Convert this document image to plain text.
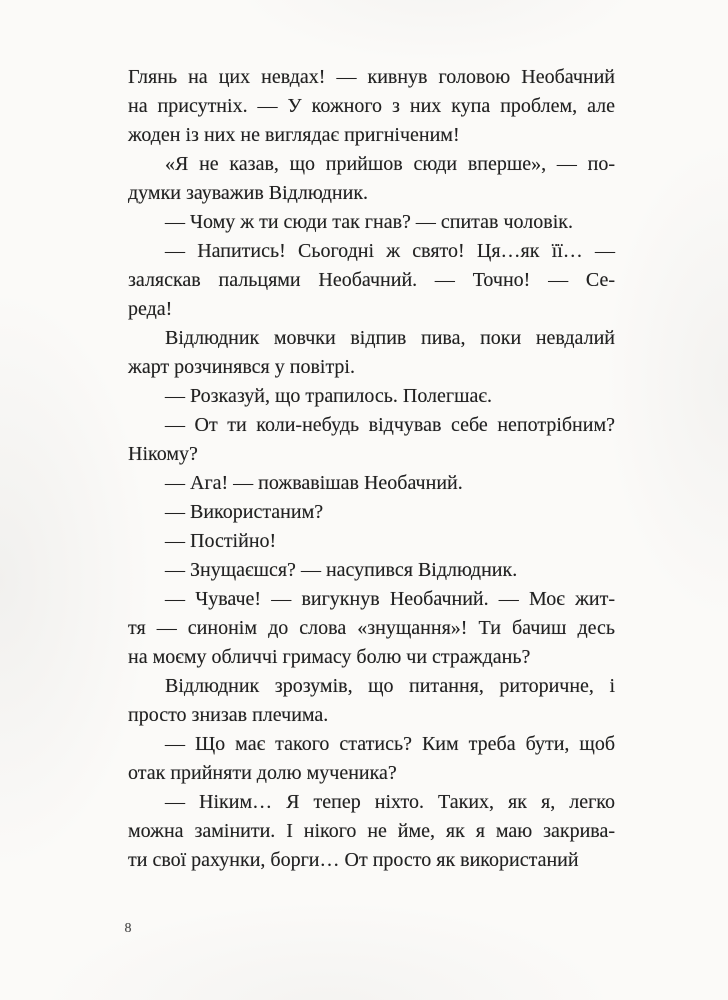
Глянь на цих невдах! — кивнув головою Необачний
на присутніх. — У кожного з них купа проблем, але
жоден із них не виглядає пригніченим!
«Я не казав, що прийшов сюди вперше», — по-
думки зауважив Відлюдник.
— Чому ж ти сюди так гнав? — спитав чоловік.
— Напитись! Сьогодні ж свято! Ця…як її… —
заляскав пальцями Необачний. — Точно! — Се-
реда!
Відлюдник мовчки відпив пива, поки невдалий
жарт розчинявся у повітрі.
— Розказуй, що трапилось. Полегшає.
— От ти коли-небудь відчував себе непотрібним?
Нікому?
— Ага! — пожвавішав Необачний.
— Використаним?
— Постійно!
— Знущаєшся? — насупився Відлюдник.
— Чуваче! — вигукнув Необачний. — Моє жит-
тя — синонім до слова «знущання»! Ти бачиш десь
на моєму обличчі гримасу болю чи страждань?
Відлюдник зрозумів, що питання, риторичне, і
просто знизав плечима.
— Що має такого статись? Ким треба бути, щоб
отак прийняти долю мученика?
— Ніким… Я тепер ніхто. Таких, як я, легко
можна замінити. І нікого не йме, як я маю закрива-
ти свої рахунки, борги… От просто як використаний
8
